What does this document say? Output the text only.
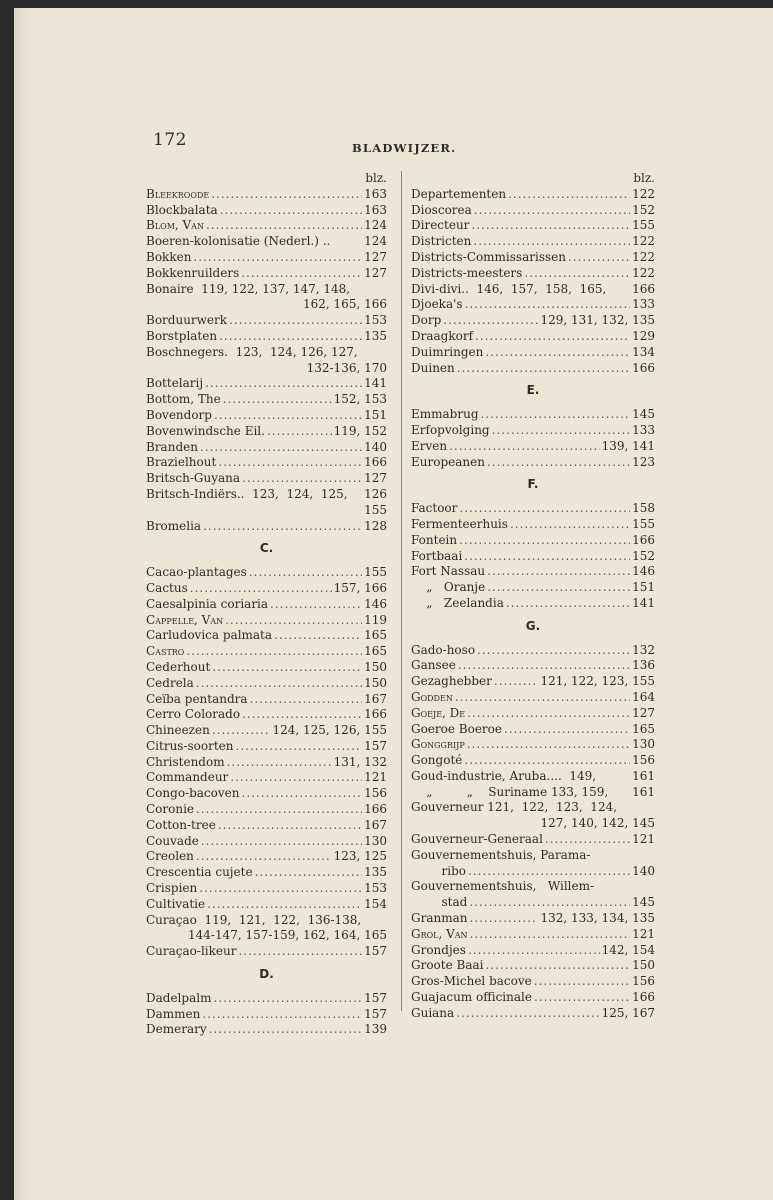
172	BLADWIJZER.
blz.
Bleekroode .....	163
Blockbalata .....	163
Blom, Van .....	124
Boeren-kolonisatie (Nederl.) ..	124
Bokken .....	127
Bokkenruilders .....	127
Bonaire  119, 122, 137, 147, 148,
162, 165, 166
Borduurwerk .....	153
Borstplaten .....	135
Boschnegers.  123,  124, 126, 127,
132-136, 170
Bottelarij .....	141
Bottom, The .....	152, 153
Bovendorp .....	151
Bovenwindsche Eil. .....	119, 152
Branden .....	140
Brazielhout .....	166
Britsch-Guyana .....	127
Britsch-Indiërs..  123,  124,  125, 126
155
Bromelia .....	128
C.
Cacao-plantages .....	155
Cactus .....	157, 166
Caesalpinia coriaria .....	146
Cappelle, Van .....	119
Carludovica palmata .....	165
Castro .....	165
Cederhout .....	150
Cedrela .....	150
Ceïba pentandra .....	167
Cerro Colorado .....	166
Chineezen .....	124, 125, 126, 155
Citrus-soorten .....	157
Christendom .....	131, 132
Commandeur .....	121
Congo-bacoven .....	156
Coronie .....	166
Cotton-tree .....	167
Couvade .....	130
Creolen .....	123, 125
Crescentia cujete .....	135
Crispien .....	153
Cultivatie .....	154
Curaçao  119,  121,  122,  136-138,
144-147, 157-159, 162, 164, 165
Curaçao-likeur .....	157
D.
Dadelpalm .....	157
Dammen .....	157
Demerary .....	139
blz.
Departementen .....	122
Dioscorea .....	152
Directeur .....	155
Districten .....	122
Districts-Commissarissen .....	122
Districts-meesters .....	122
Divi-divi..  146,  157,  158,  165, 166
Djoeka's .....	133
Dorp .....	129, 131, 132, 135
Draagkorf .....	129
Duimringen .....	134
Duinen .....	166
E.
Emmabrug .....	145
Erfopvolging .....	133
Erven .....	139, 141
Europeanen .....	123
F.
Factoor .....	158
Fermenteerhuis .....	155
Fontein .....	166
Fortbaai .....	152
Fort Nassau .....	146
„   Oranje .....	151
„   Zeelandia .....	141
G.
Gado-hoso .....	132
Gansee .....	136
Gezaghebber .....	121, 122, 123, 155
Godden .....	164
Goeje, De .....	127
Goeroe Boeroe .....	165
Gonggrijp .....	130
Gongoté .....	156
Goud-industrie, Aruba....  149,	161
„         „    Suriname 133, 159, 161
Gouverneur 121,  122,  123,  124,
127, 140, 142, 145
Gouverneur-Generaal .....	121
Gouvernementshuis, Parama-
ribo .....	140
Gouvernementshuis,   Willem-
stad .....	145
Granman .....	132, 133, 134, 135
Grol, Van .....	121
Grondjes .....	142, 154
Groote Baai .....	150
Gros-Michel bacove .....	156
Guajacum officinale .....	166
Guiana .....	125, 167
